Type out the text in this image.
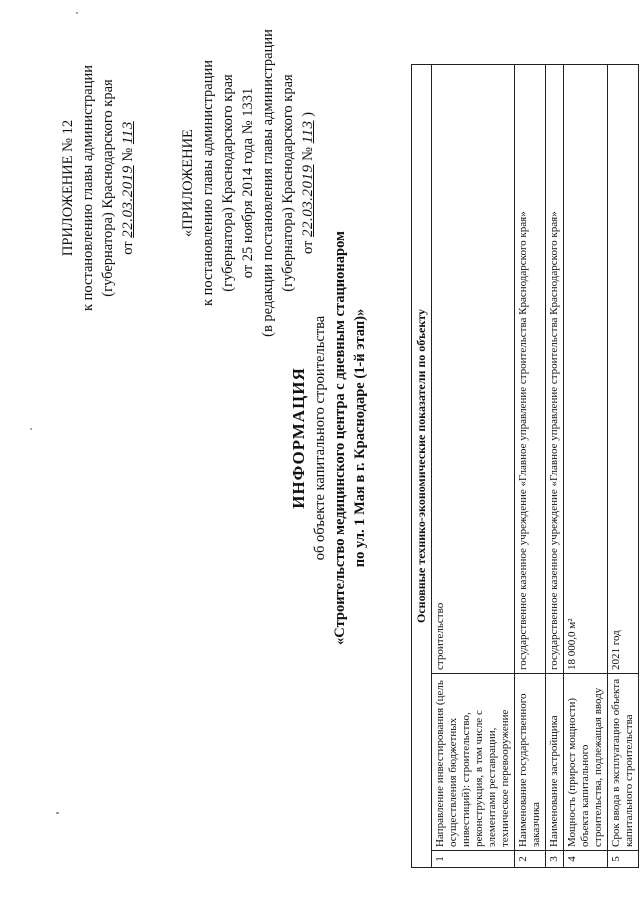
ПРИЛОЖЕНИЕ № 12 к постановлению главы администрации (губернатора) Краснодарского края от 22.03.2019 № 113	«ПРИЛОЖЕНИЕ к постановлению главы администрации (губернатора) Краснодарского края от 25 ноября 2014 года № 1331 (в редакции постановления главы администрации (губернатора) Краснодарского края от 22.03.2019 № 113 )
ИНФОРМАЦИЯ об объекте капитального строительства «Строительство медицинского центра с дневным стационаром по ул. 1 Мая в г. Краснодаре (1-й этап)»	Основные технико-экономические показатели по объекту		
1	Направление инвестирования (цель осуществления бюджетных инвестиций): строительство, реконструкция, в том числе с элементами реставрации, техническое перевооружение	строительство
2	Наименование государственного заказчика	государственное казенное учреждение «Главное управление строительства Краснодарского края»
3	Наименование застройщика	государственное казенное учреждение «Главное управление строительства Краснодарского края»
4	Мощность (прирост мощности) объекта капитального строительства, подлежащая вводу	18 000,0 м²
5	Срок ввода в эксплуатацию объекта капитального строительства	2021 год
